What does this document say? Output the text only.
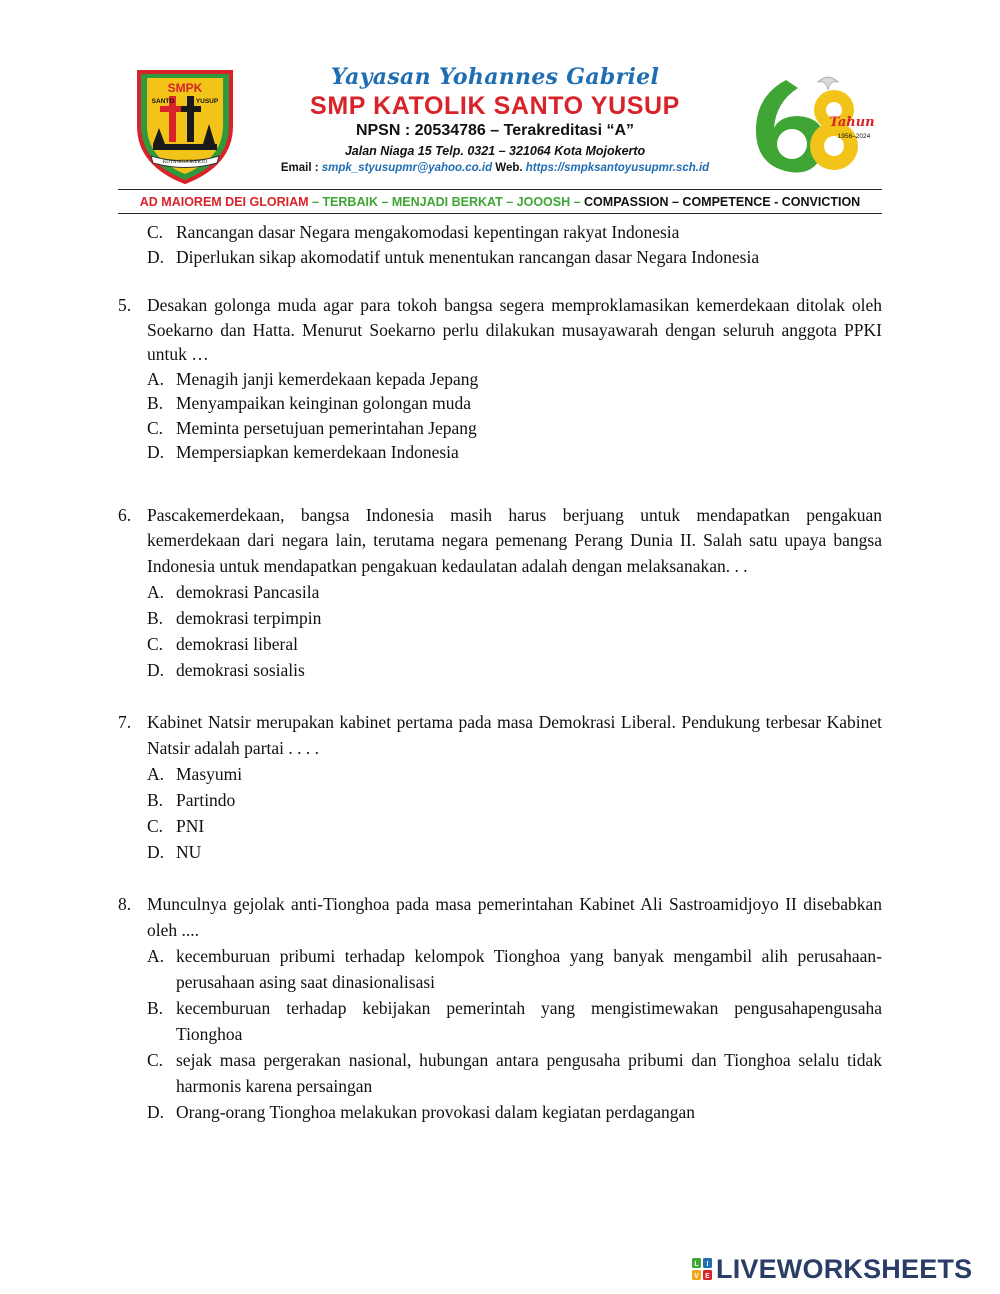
SMPK
SANTO	YUSUP
KOTA MOJOKERTO
Yayasan Yohannes Gabriel
SMP KATOLIK SANTO YUSUP
NPSN : 20534786 – Terakreditasi “A”
Jalan Niaga 15 Telp. 0321 – 321064 Kota Mojokerto
Email : smpk_styusupmr@yahoo.co.id Web. https://smpksantoyusupmr.sch.id
Tahun
1956–2024
AD MAIOREM DEI GLORIAM – TERBAIK – MENJADI BERKAT – JOOOSH – COMPASSION – COMPETENCE - CONVICTION
C. Rancangan dasar Negara mengakomodasi kepentingan rakyat Indonesia
D. Diperlukan sikap akomodatif untuk menentukan rancangan dasar Negara Indonesia
5. Desakan golonga muda agar para tokoh bangsa segera memproklamasikan kemerdekaan ditolak oleh Soekarno dan Hatta. Menurut Soekarno perlu dilakukan musayawarah dengan seluruh anggota PPKI untuk …
A. Menagih janji kemerdekaan kepada Jepang
B. Menyampaikan keinginan golongan muda
C. Meminta persetujuan pemerintahan Jepang
D. Mempersiapkan kemerdekaan Indonesia
6. Pascakemerdekaan, bangsa Indonesia masih harus berjuang untuk mendapatkan pengakuan kemerdekaan dari negara lain, terutama negara pemenang Perang Dunia II. Salah satu upaya bangsa Indonesia untuk mendapatkan pengakuan kedaulatan adalah dengan melaksanakan. . .
A. demokrasi Pancasila
B. demokrasi terpimpin
C. demokrasi liberal
D. demokrasi sosialis
7. Kabinet Natsir merupakan kabinet pertama pada masa Demokrasi Liberal. Pendukung terbesar Kabinet Natsir adalah partai . . . .
A. Masyumi
B. Partindo
C. PNI
D. NU
8. Munculnya gejolak anti-Tionghoa pada masa pemerintahan Kabinet Ali Sastroamidjoyo II disebabkan oleh ....
A. kecemburuan pribumi terhadap kelompok Tionghoa yang banyak mengambil alih perusahaan-perusahaan asing saat dinasionalisasi
B. kecemburuan terhadap kebijakan pemerintah yang mengistimewakan pengusahapengusaha Tionghoa
C. sejak masa pergerakan nasional, hubungan antara pengusaha pribumi dan Tionghoa selalu tidak harmonis karena persaingan
D. Orang-orang Tionghoa melakukan provokasi dalam kegiatan perdagangan
L I
V E LIVEWORKSHEETS
